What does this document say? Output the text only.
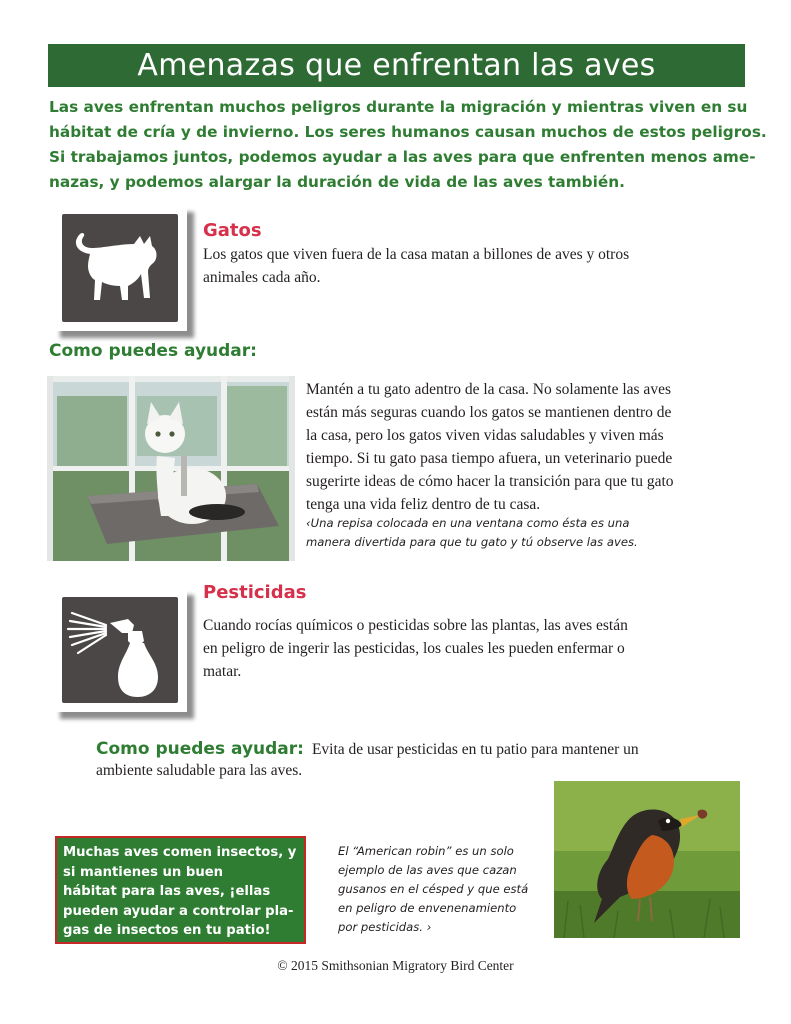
Amenazas que enfrentan las aves
Las aves enfrentan muchos peligros durante la migración y mientras viven en su
hábitat de cría y de invierno. Los seres humanos causan muchos de estos peligros.
Si trabajamos juntos, podemos ayudar a las aves para que enfrenten menos ame-
nazas, y podemos alargar la duración de vida de las aves también.
Gatos
Los gatos que viven fuera de la casa matan a billones de aves y otros
animales cada año.
Como puedes ayudar:
Mantén a tu gato adentro de la casa. No solamente las aves
están más seguras cuando los gatos se mantienen dentro de
la casa, pero los gatos viven vidas saludables y viven más
tiempo. Si tu gato pasa tiempo afuera, un veterinario puede
sugerirte ideas de cómo hacer la transición para que tu gato
tenga una vida feliz dentro de tu casa.
‹Una repisa colocada en una ventana como ésta es una
manera divertida para que tu gato y tú observe las aves.
Pesticidas
Cuando rocías químicos o pesticidas sobre las plantas, las aves están
en peligro de ingerir las pesticidas, los cuales les pueden enfermar o
matar.
Como puedes ayudar: Evita de usar pesticidas en tu patio para mantener un
ambiente saludable para las aves.
Muchas aves comen insectos, y
si mantienes un buen
hábitat para las aves, ¡ellas
pueden ayudar a controlar pla-
gas de insectos en tu patio!
El “American robin” es un solo
ejemplo de las aves que cazan
gusanos en el césped y que está
en peligro de envenenamiento
por pesticidas. ›
© 2015 Smithsonian Migratory Bird Center
